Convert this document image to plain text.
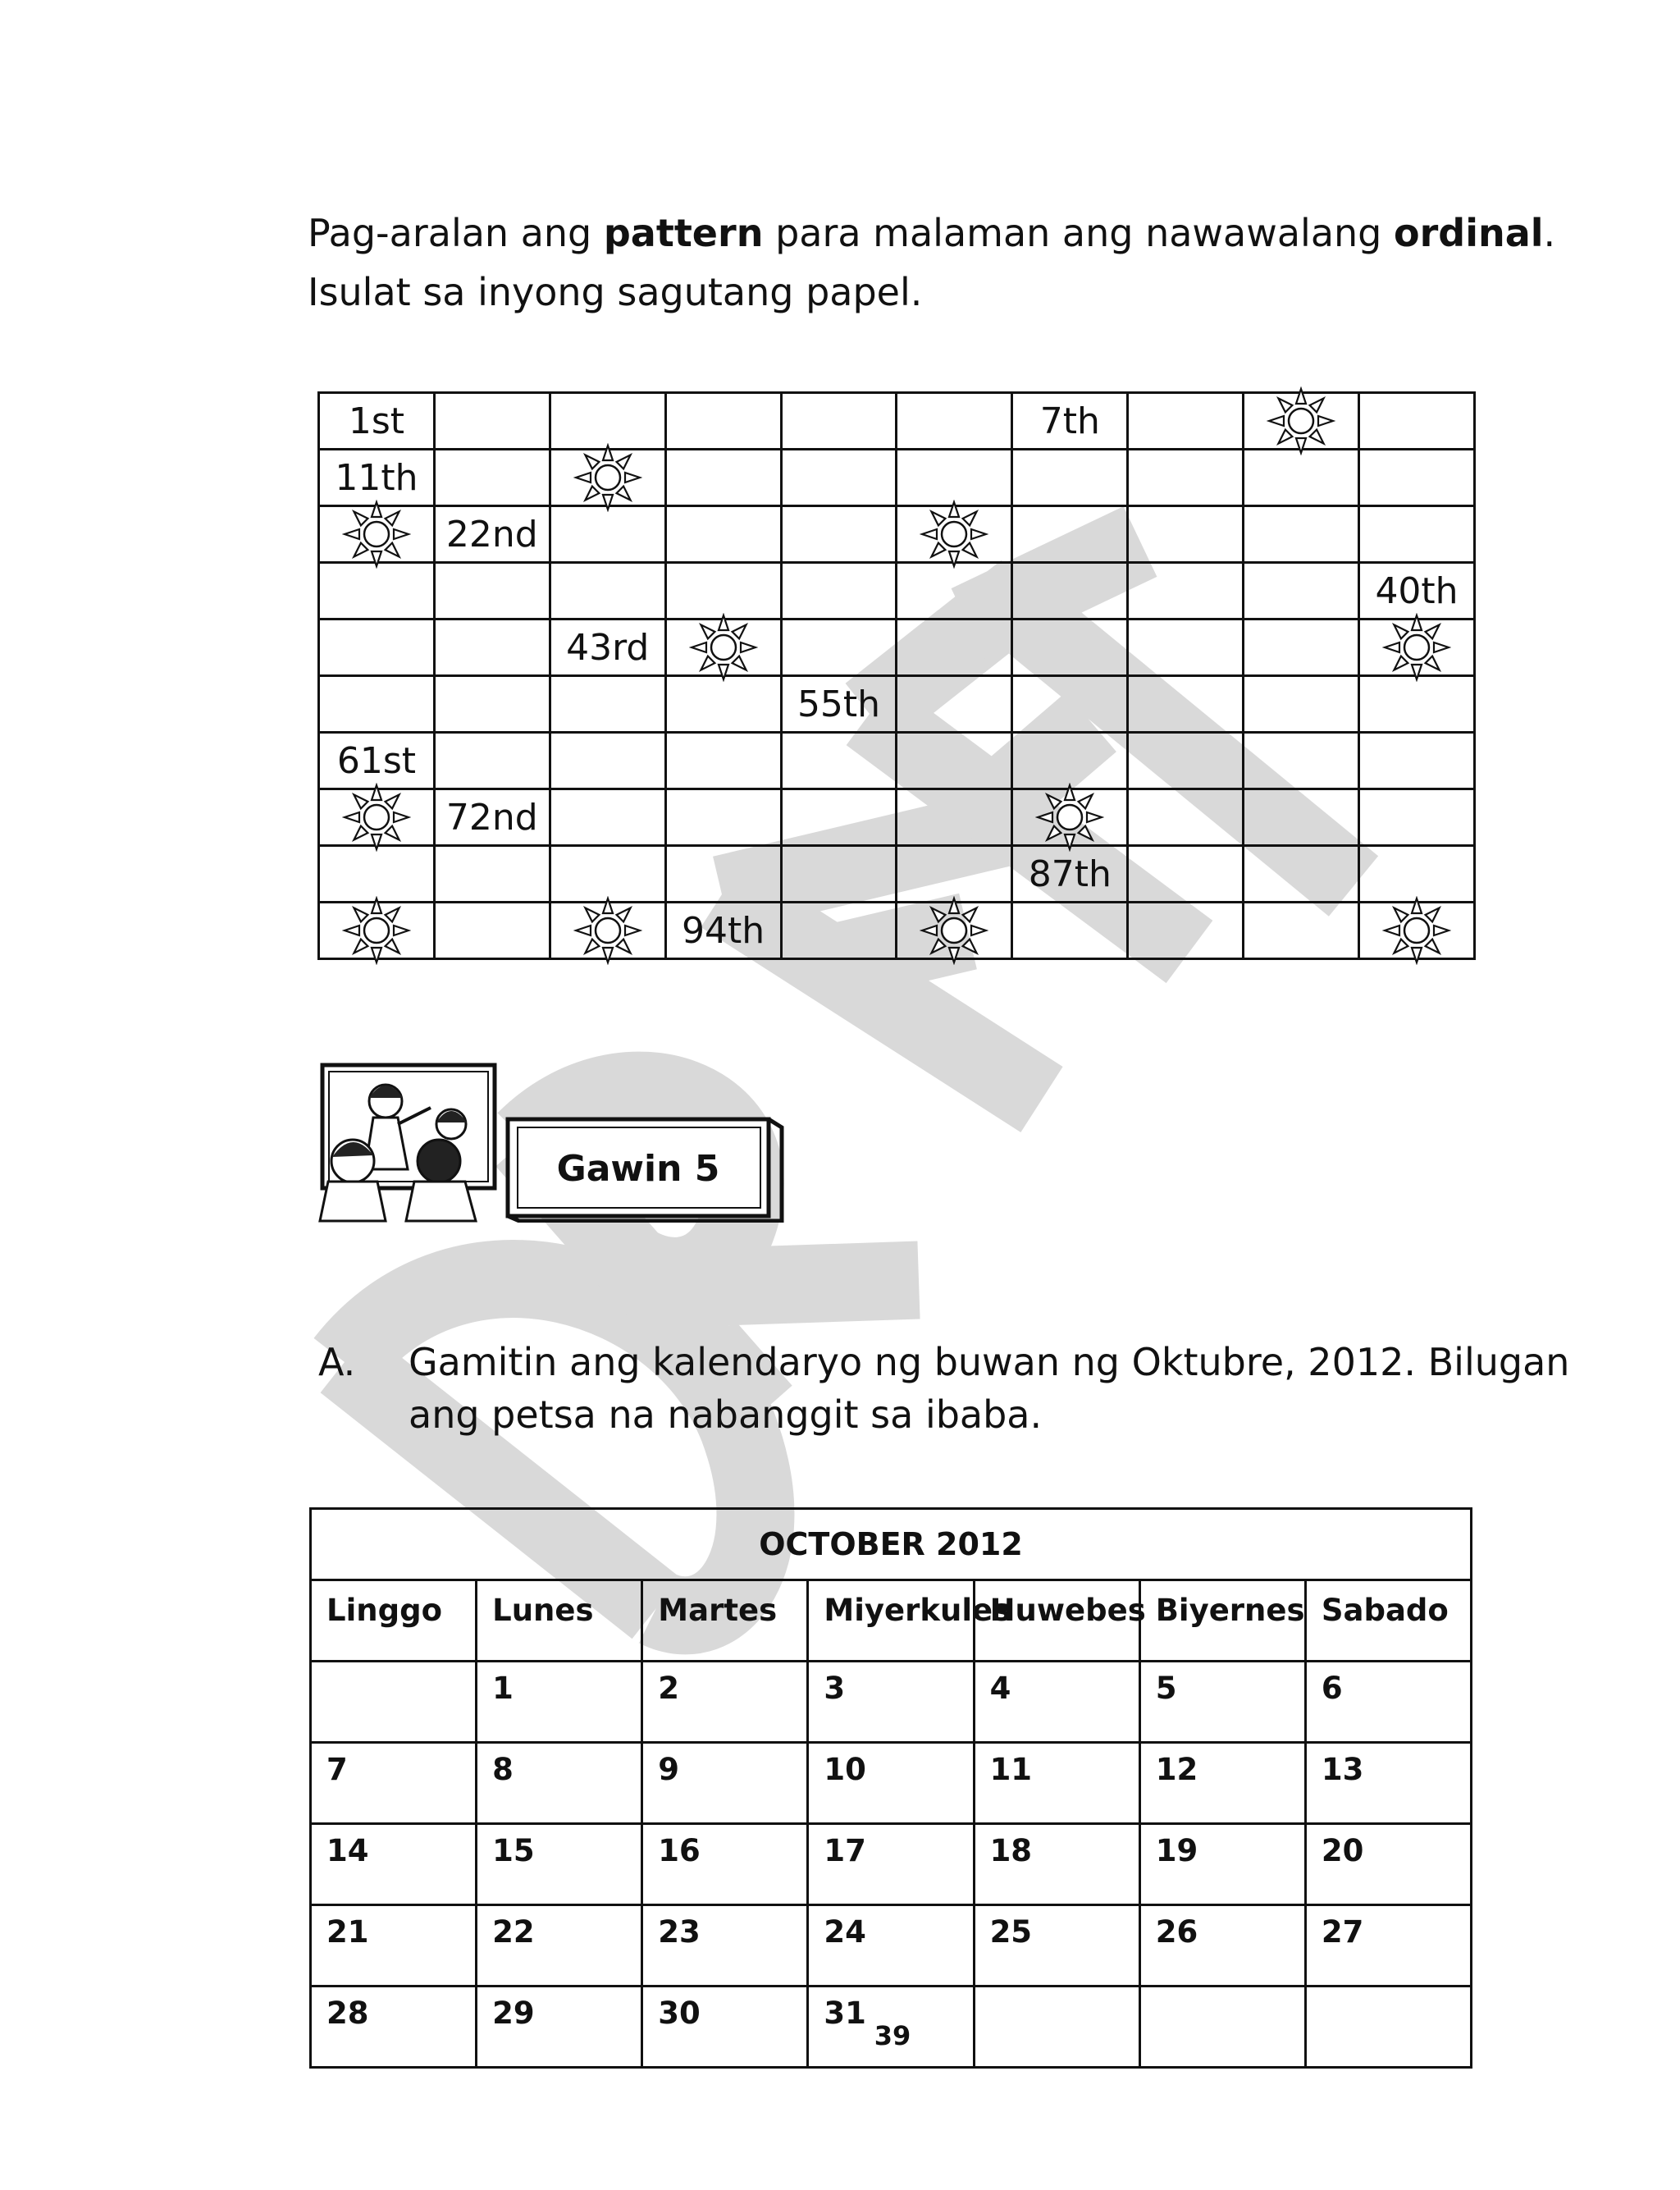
Pag-aralan ang pattern para malaman ang nawawalang ordinal.
Isulat sa inyong sagutang papel.
1st						7th		

11th		

	22nd				

									40th
		43rd	

				55th					
61st									

	72nd					

						87th			

	94th		

Gawin 5
A. Gamitin ang kalendaryo ng buwan ng Oktubre, 2012. Bilugan
ang petsa na nabanggit sa ibaba.
OCTOBER 2012						
Linggo	Lunes	Martes	Miyerkules	Huwebes	Biyernes	Sabado
	1	2	3	4	5	6
7	8	9	10	11	12	13
14	15	16	17	18	19	20
21	22	23	24	25	26	27
28	29	30	31			
39
